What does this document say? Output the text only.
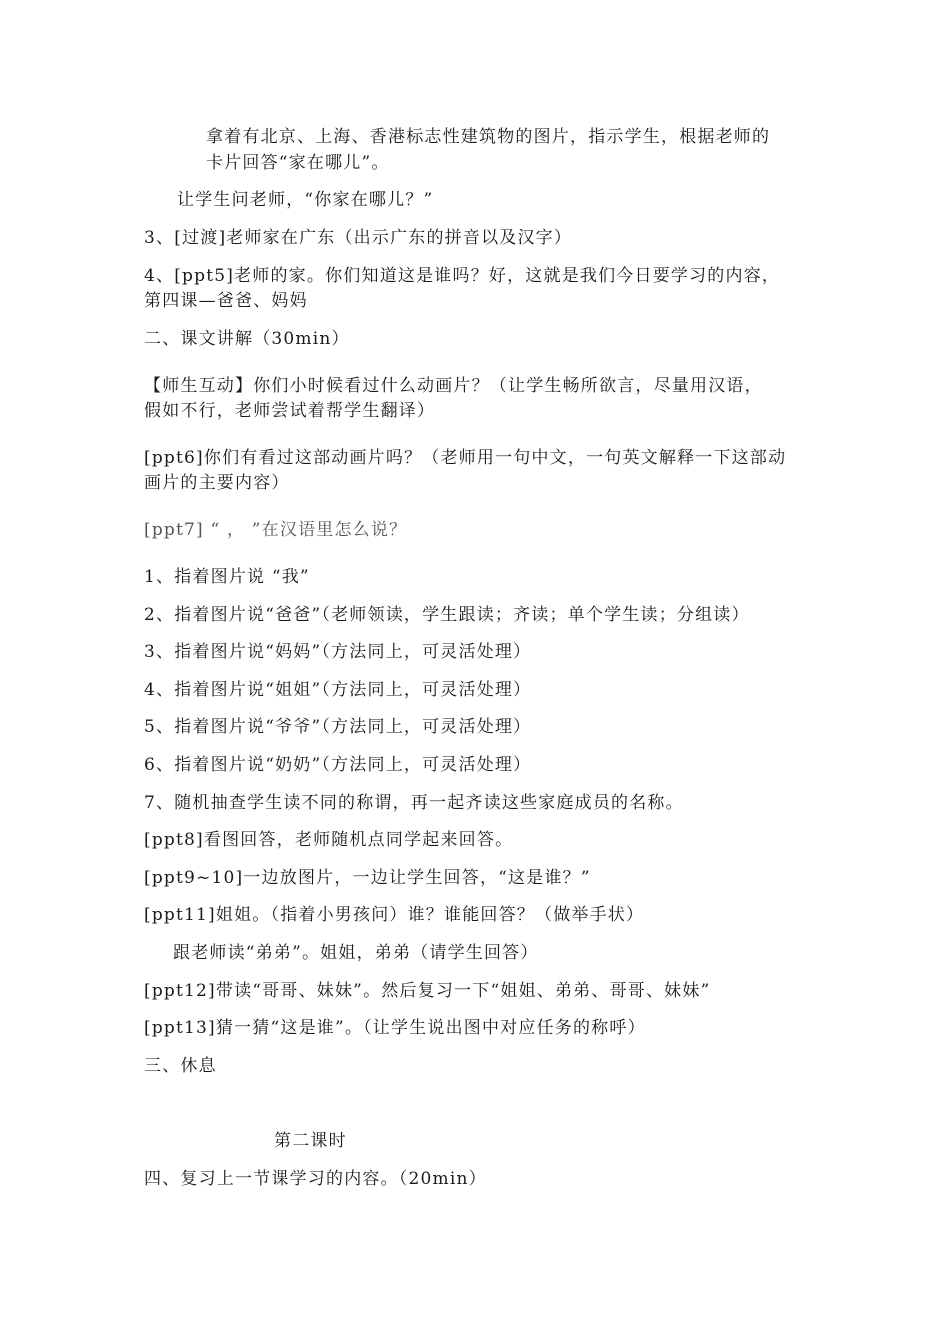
拿着有北京、上海、香港标志性建筑物的图片，指示学生，根据老师的
卡片回答“家在哪儿”。
让学生问老师，“你家在哪儿？”
3、[过渡]老师家在广东（出示广东的拼音以及汉字）
4、[ppt5]老师的家。你们知道这是谁吗？好，这就是我们今日要学习的内容，
第四课—爸爸、妈妈
二、课文讲解（30min）
【师生互动】你们小时候看过什么动画片？（让学生畅所欲言，尽量用汉语，
假如不行，老师尝试着帮学生翻译）
[ppt6]你们有看过这部动画片吗？（老师用一句中文，一句英文解释一下这部动
画片的主要内容）
[ppt7] “ ， ”在汉语里怎么说？
1、指着图片说 “我”
2、指着图片说“爸爸”（老师领读，学生跟读；齐读；单个学生读；分组读）
3、指着图片说“妈妈”（方法同上，可灵活处理）
4、指着图片说“姐姐”（方法同上，可灵活处理）
5、指着图片说“爷爷”（方法同上，可灵活处理）
6、指着图片说“奶奶”（方法同上，可灵活处理）
7、随机抽查学生读不同的称谓，再一起齐读这些家庭成员的名称。
[ppt8]看图回答，老师随机点同学起来回答。
[ppt9~10]一边放图片，一边让学生回答，“这是谁？”
[ppt11]姐姐。（指着小男孩问）谁？谁能回答？（做举手状）
跟老师读“弟弟”。姐姐，弟弟（请学生回答）
[ppt12]带读“哥哥、妹妹”。然后复习一下“姐姐、弟弟、哥哥、妹妹”
[ppt13]猜一猜“这是谁”。（让学生说出图中对应任务的称呼）
三、休息
第二课时
四、复习上一节课学习的内容。（20min）
